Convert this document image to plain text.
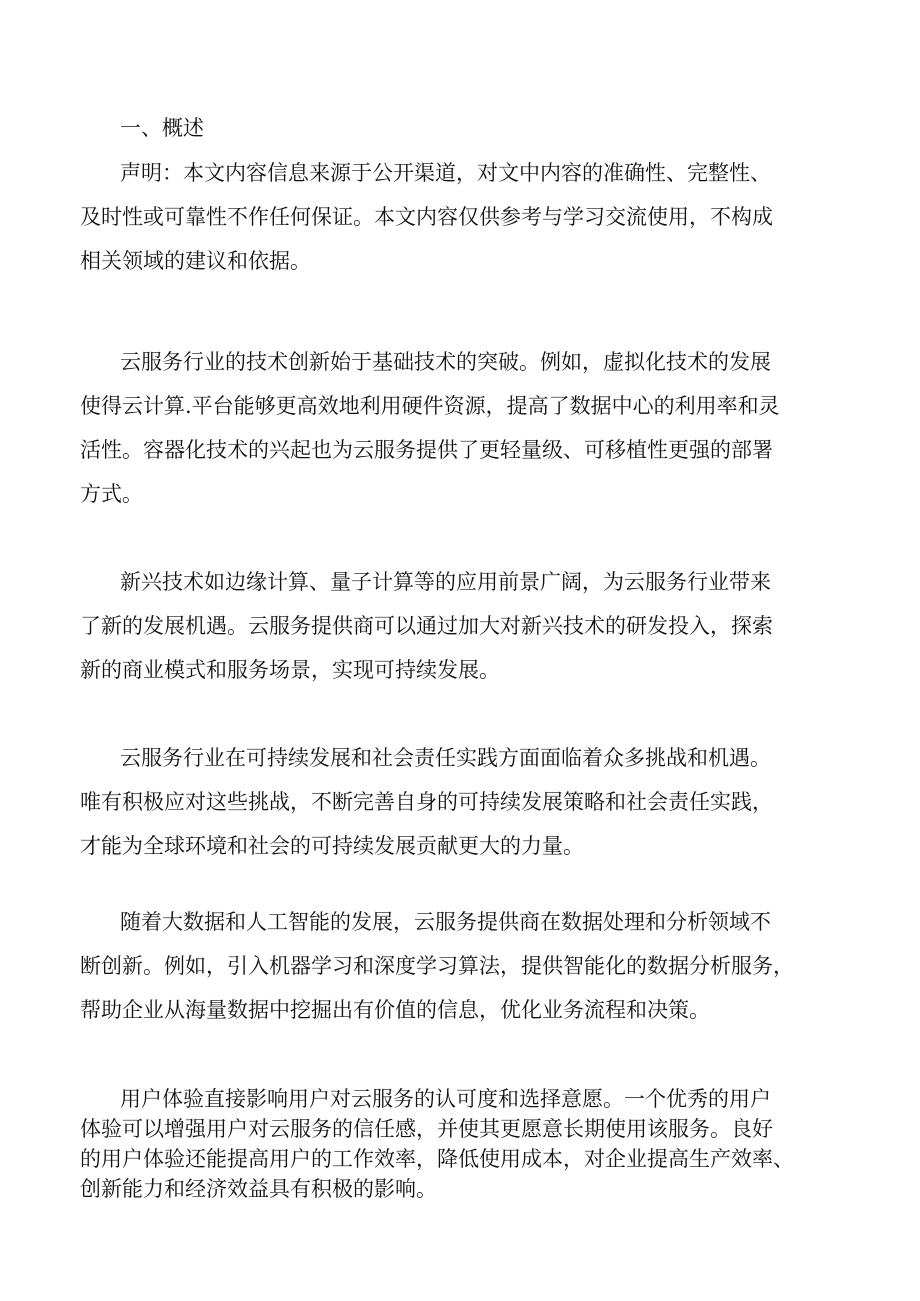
一、概述
声明：本文内容信息来源于公开渠道，对文中内容的准确性、完整性、
及时性或可靠性不作任何保证。本文内容仅供参考与学习交流使用，不构成
相关领域的建议和依据。
云服务行业的技术创新始于基础技术的突破。例如，虚拟化技术的发展
使得云计算.平台能够更高效地利用硬件资源，提高了数据中心的利用率和灵
活性。容器化技术的兴起也为云服务提供了更轻量级、可移植性更强的部署
方式。
新兴技术如边缘计算、量子计算等的应用前景广阔，为云服务行业带来
了新的发展机遇。云服务提供商可以通过加大对新兴技术的研发投入，探索
新的商业模式和服务场景，实现可持续发展。
云服务行业在可持续发展和社会责任实践方面面临着众多挑战和机遇。
唯有积极应对这些挑战，不断完善自身的可持续发展策略和社会责任实践，
才能为全球环境和社会的可持续发展贡献更大的力量。
随着大数据和人工智能的发展，云服务提供商在数据处理和分析领域不
断创新。例如，引入机器学习和深度学习算法，提供智能化的数据分析服务，
帮助企业从海量数据中挖掘出有价值的信息，优化业务流程和决策。
用户体验直接影响用户对云服务的认可度和选择意愿。一个优秀的用户
体验可以增强用户对云服务的信任感，并使其更愿意长期使用该服务。良好
的用户体验还能提高用户的工作效率，降低使用成本，对企业提高生产效率、
创新能力和经济效益具有积极的影响。
